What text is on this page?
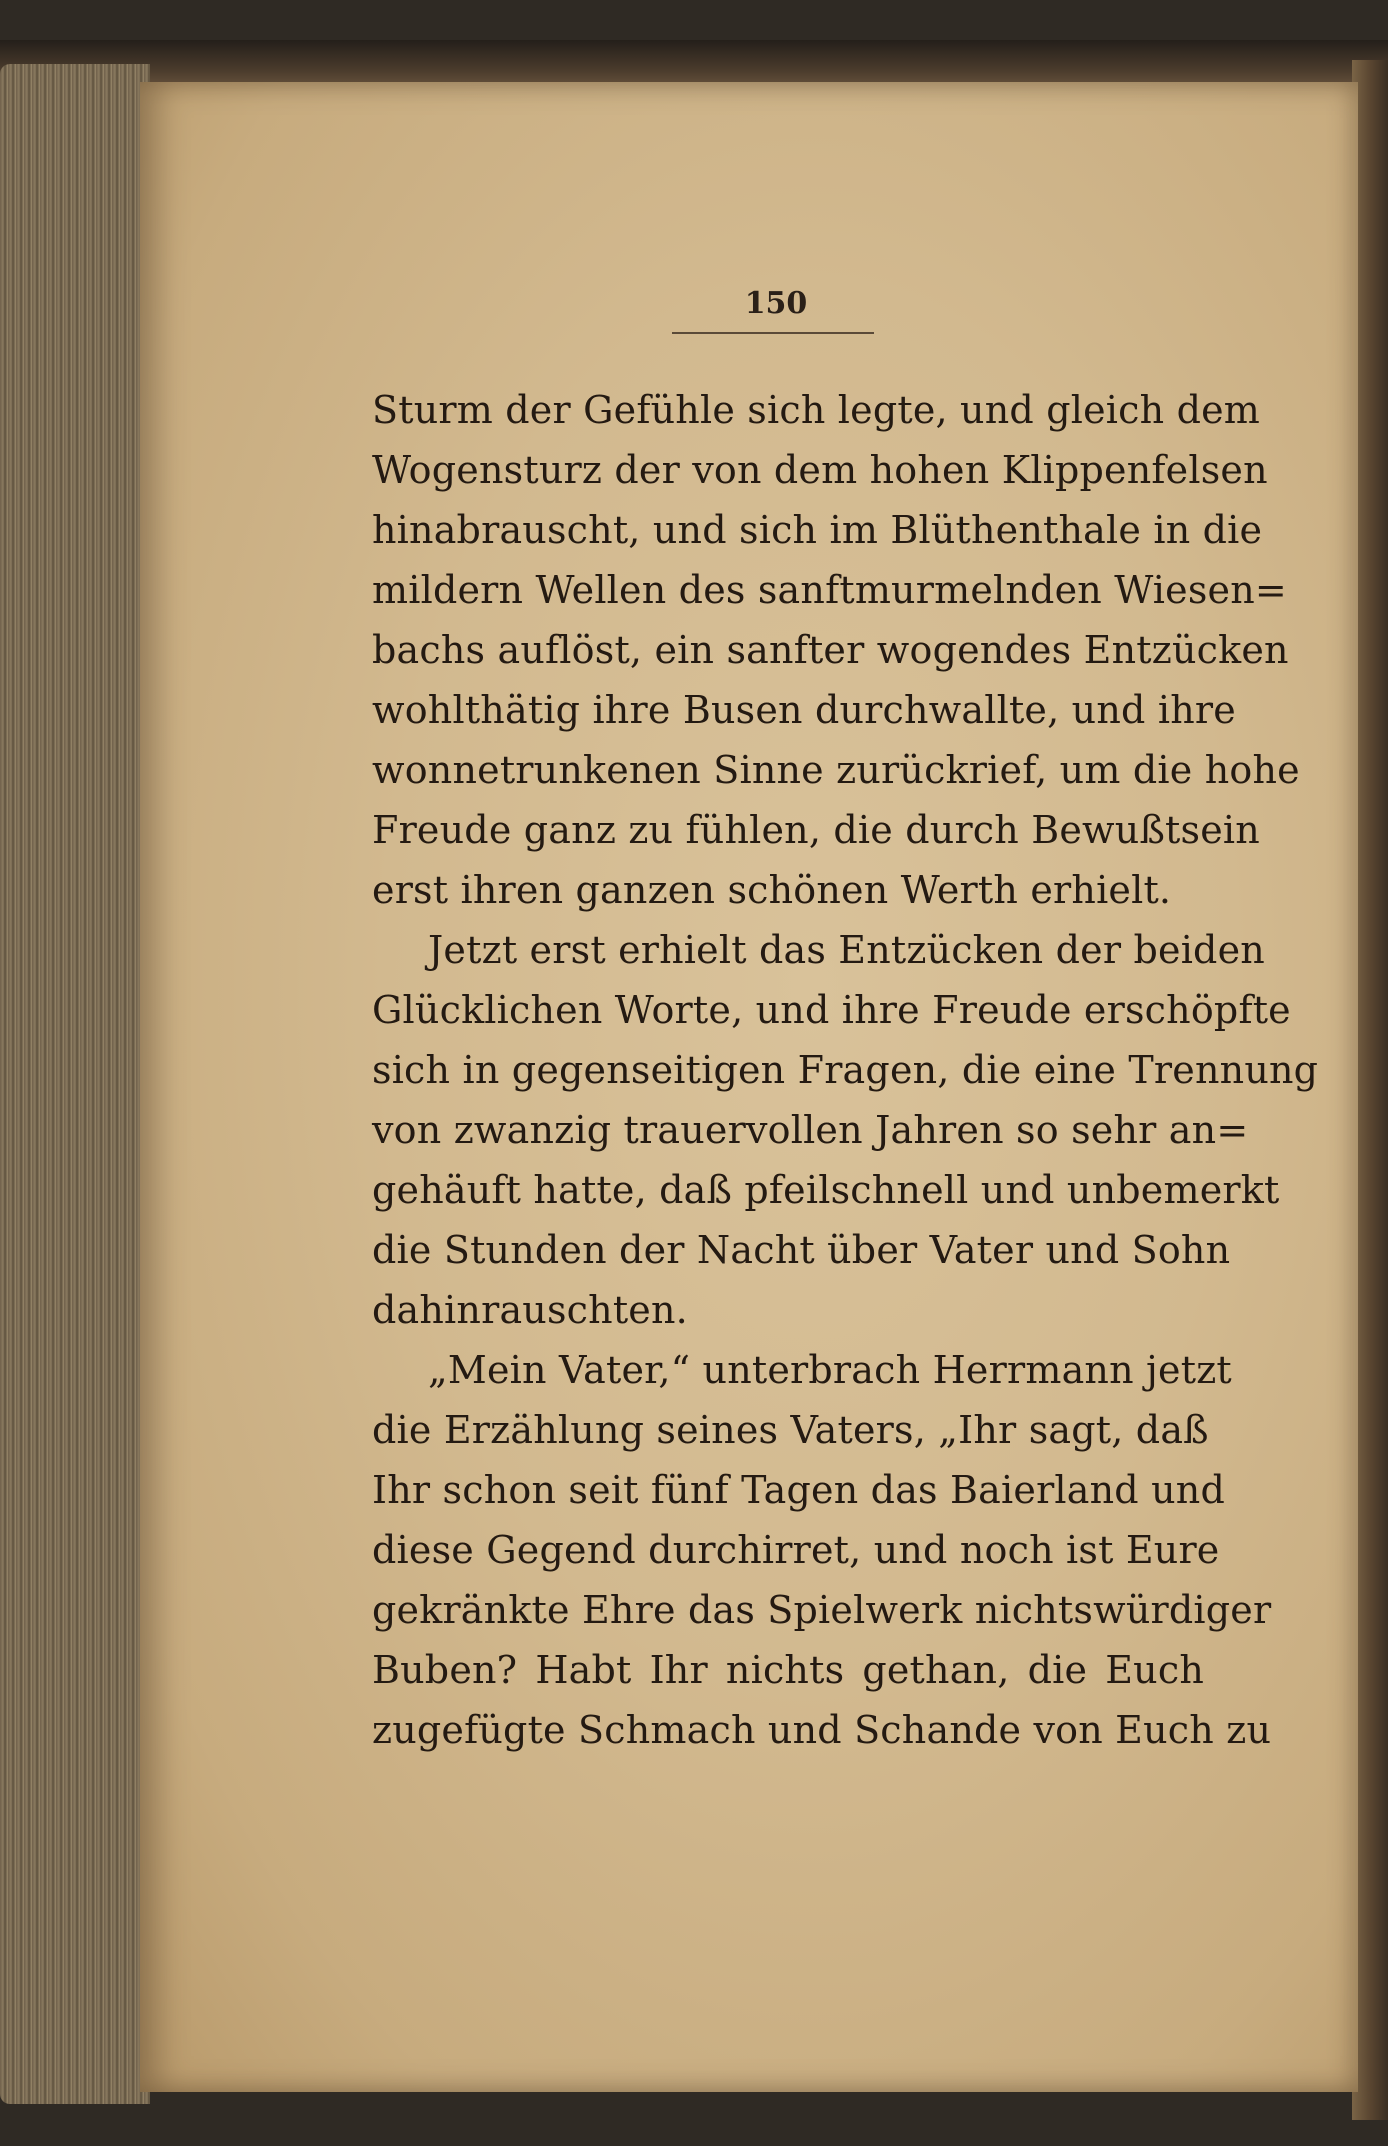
150
Sturm der Gefühle sich legte, und gleich dem
Wogensturz der von dem hohen Klippenfelsen
hinabrauscht, und sich im Blüthenthale in die
mildern Wellen des sanftmurmelnden Wiesen=
bachs auflöst, ein sanfter wogendes Entzücken
wohlthätig ihre Busen durchwallte, und ihre
wonnetrunkenen Sinne zurückrief, um die hohe
Freude ganz zu fühlen, die durch Bewußtsein
erst ihren ganzen schönen Werth erhielt.
Jetzt erst erhielt das Entzücken der beiden
Glücklichen Worte, und ihre Freude erschöpfte
sich in gegenseitigen Fragen, die eine Trennung
von zwanzig trauervollen Jahren so sehr an=
gehäuft hatte, daß pfeilschnell und unbemerkt
die Stunden der Nacht über Vater und Sohn
dahinrauschten.
„Mein Vater,“ unterbrach Herrmann jetzt
die Erzählung seines Vaters, „Ihr sagt, daß
Ihr schon seit fünf Tagen das Baierland und
diese Gegend durchirret, und noch ist Eure
gekränkte Ehre das Spielwerk nichtswürdiger
Buben? Habt Ihr nichts gethan, die Euch
zugefügte Schmach und Schande von Euch zu
